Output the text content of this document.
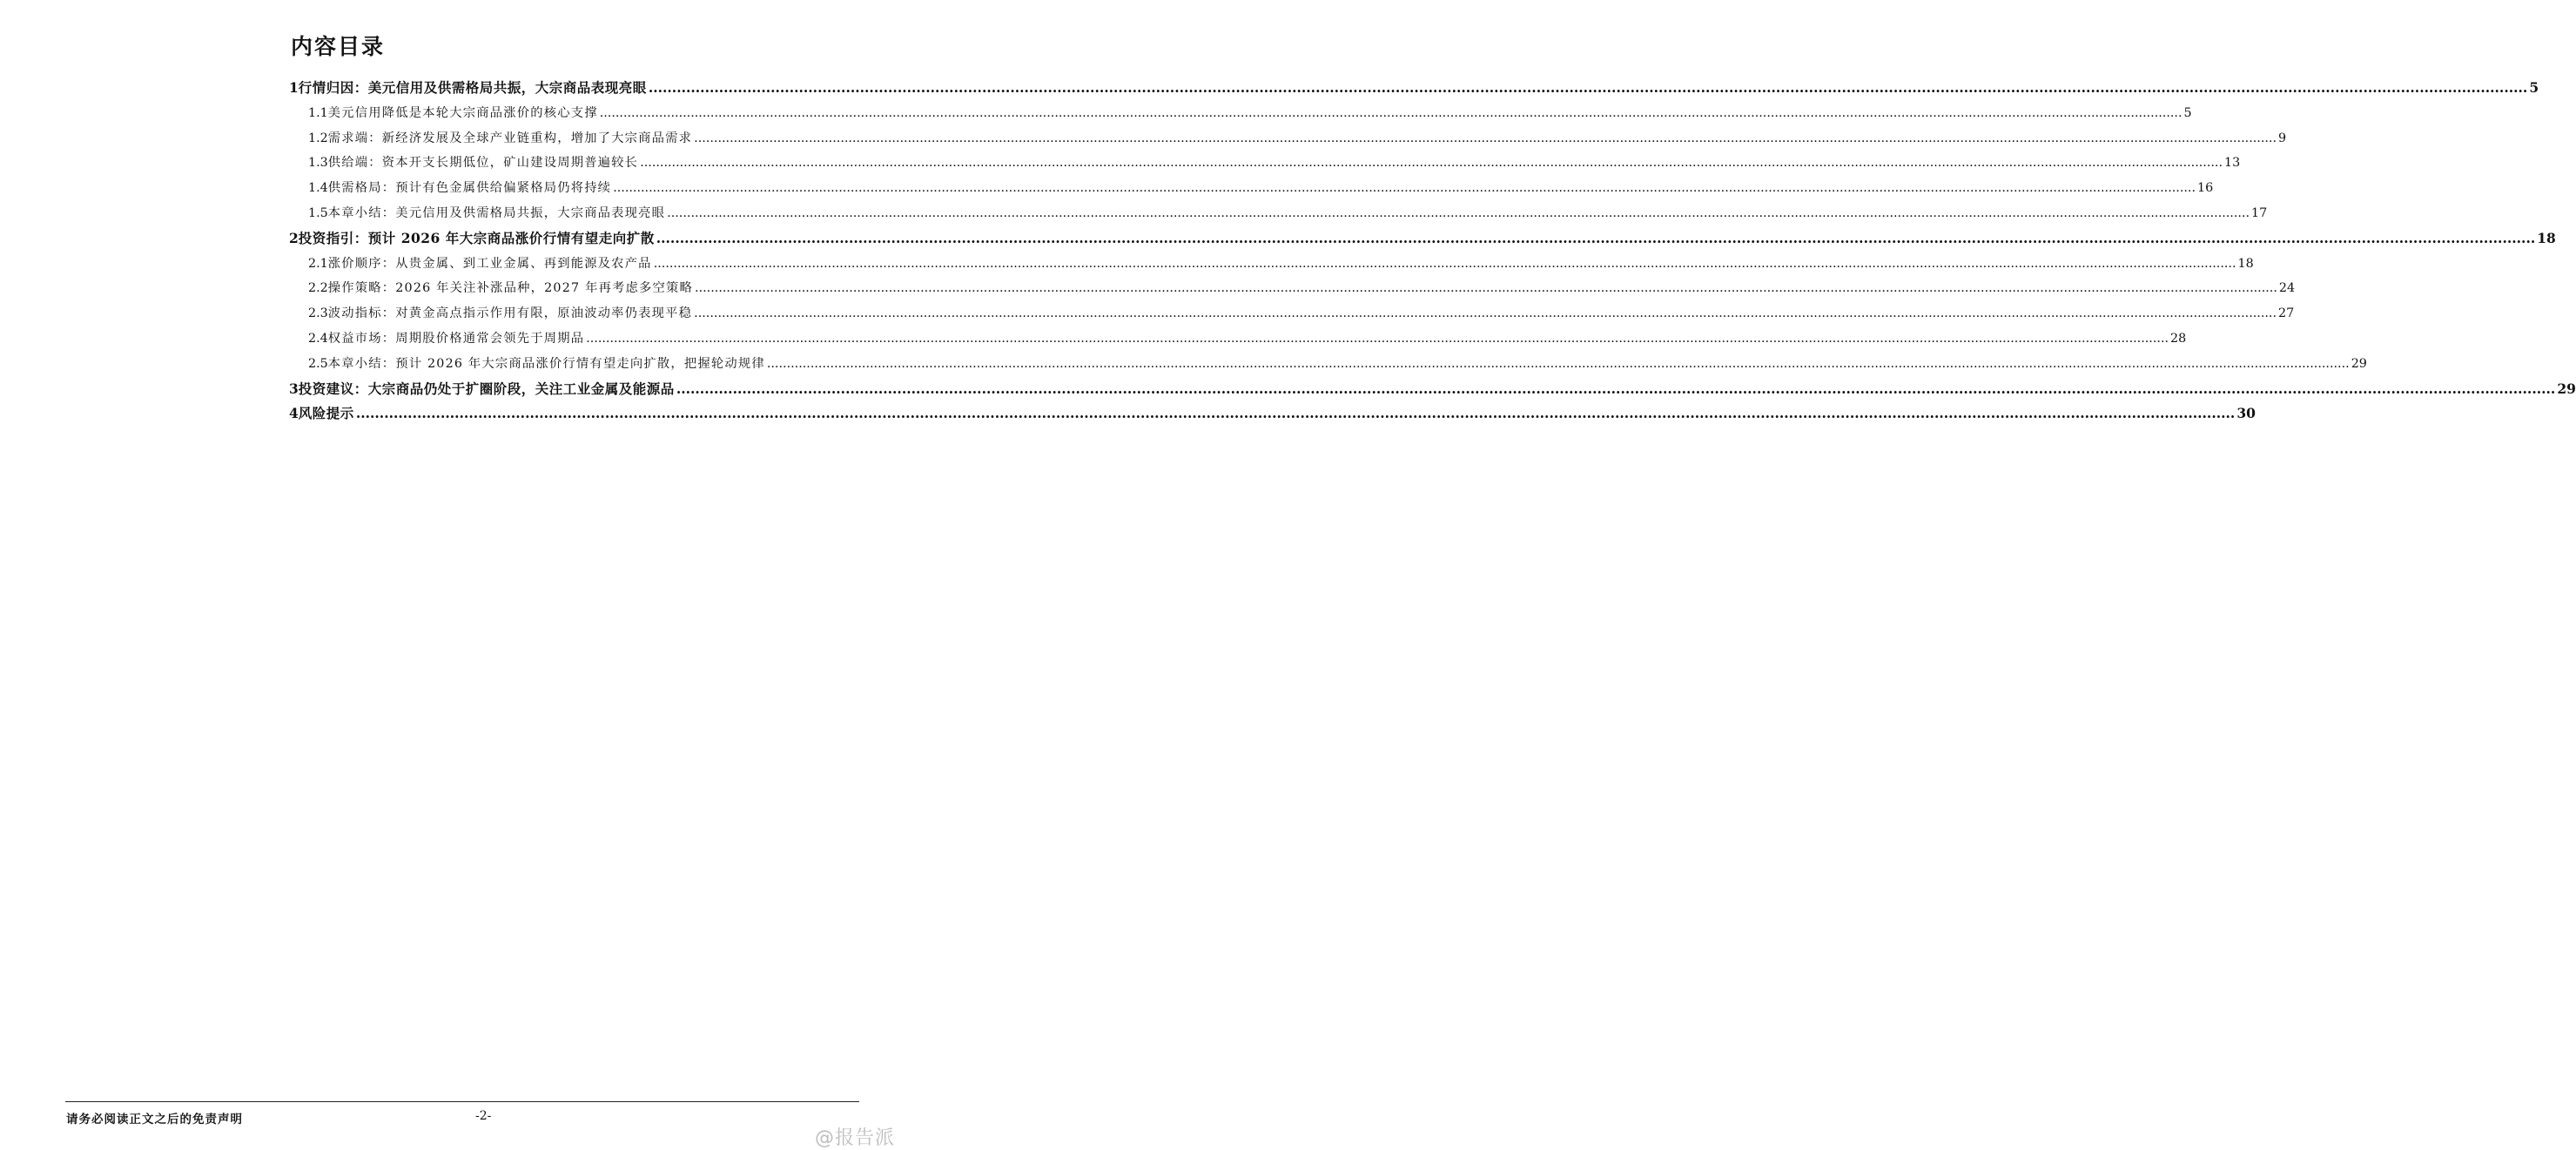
内容目录
1 行情归因：美元信用及供需格局共振，大宗商品表现亮眼 ................................................................................................................................................................................................................................................................................................................................................................................................................ 5
1.1 美元信用降低是本轮大宗商品涨价的核心支撑 ................................................................................................................................................................................................................................................................................................................................................................................................................ 5
1.2 需求端：新经济发展及全球产业链重构，增加了大宗商品需求 ................................................................................................................................................................................................................................................................................................................................................................................................................ 9
1.3 供给端：资本开支长期低位，矿山建设周期普遍较长 ................................................................................................................................................................................................................................................................................................................................................................................................................ 13
1.4 供需格局：预计有色金属供给偏紧格局仍将持续 ................................................................................................................................................................................................................................................................................................................................................................................................................ 16
1.5 本章小结：美元信用及供需格局共振，大宗商品表现亮眼 ................................................................................................................................................................................................................................................................................................................................................................................................................ 17
2 投资指引：预计 2026 年大宗商品涨价行情有望走向扩散 ................................................................................................................................................................................................................................................................................................................................................................................................................ 18
2.1 涨价顺序：从贵金属、到工业金属、再到能源及农产品 ................................................................................................................................................................................................................................................................................................................................................................................................................ 18
2.2 操作策略：2026 年关注补涨品种，2027 年再考虑多空策略 ................................................................................................................................................................................................................................................................................................................................................................................................................ 24
2.3 波动指标：对黄金高点指示作用有限，原油波动率仍表现平稳 ................................................................................................................................................................................................................................................................................................................................................................................................................ 27
2.4 权益市场：周期股价格通常会领先于周期品 ................................................................................................................................................................................................................................................................................................................................................................................................................ 28
2.5 本章小结：预计 2026 年大宗商品涨价行情有望走向扩散，把握轮动规律 ................................................................................................................................................................................................................................................................................................................................................................................................................ 29
3 投资建议：大宗商品仍处于扩圈阶段，关注工业金属及能源品 ................................................................................................................................................................................................................................................................................................................................................................................................................ 29
4 风险提示 ................................................................................................................................................................................................................................................................................................................................................................................................................ 30
请务必阅读正文之后的免责声明	-2-
@报告派
